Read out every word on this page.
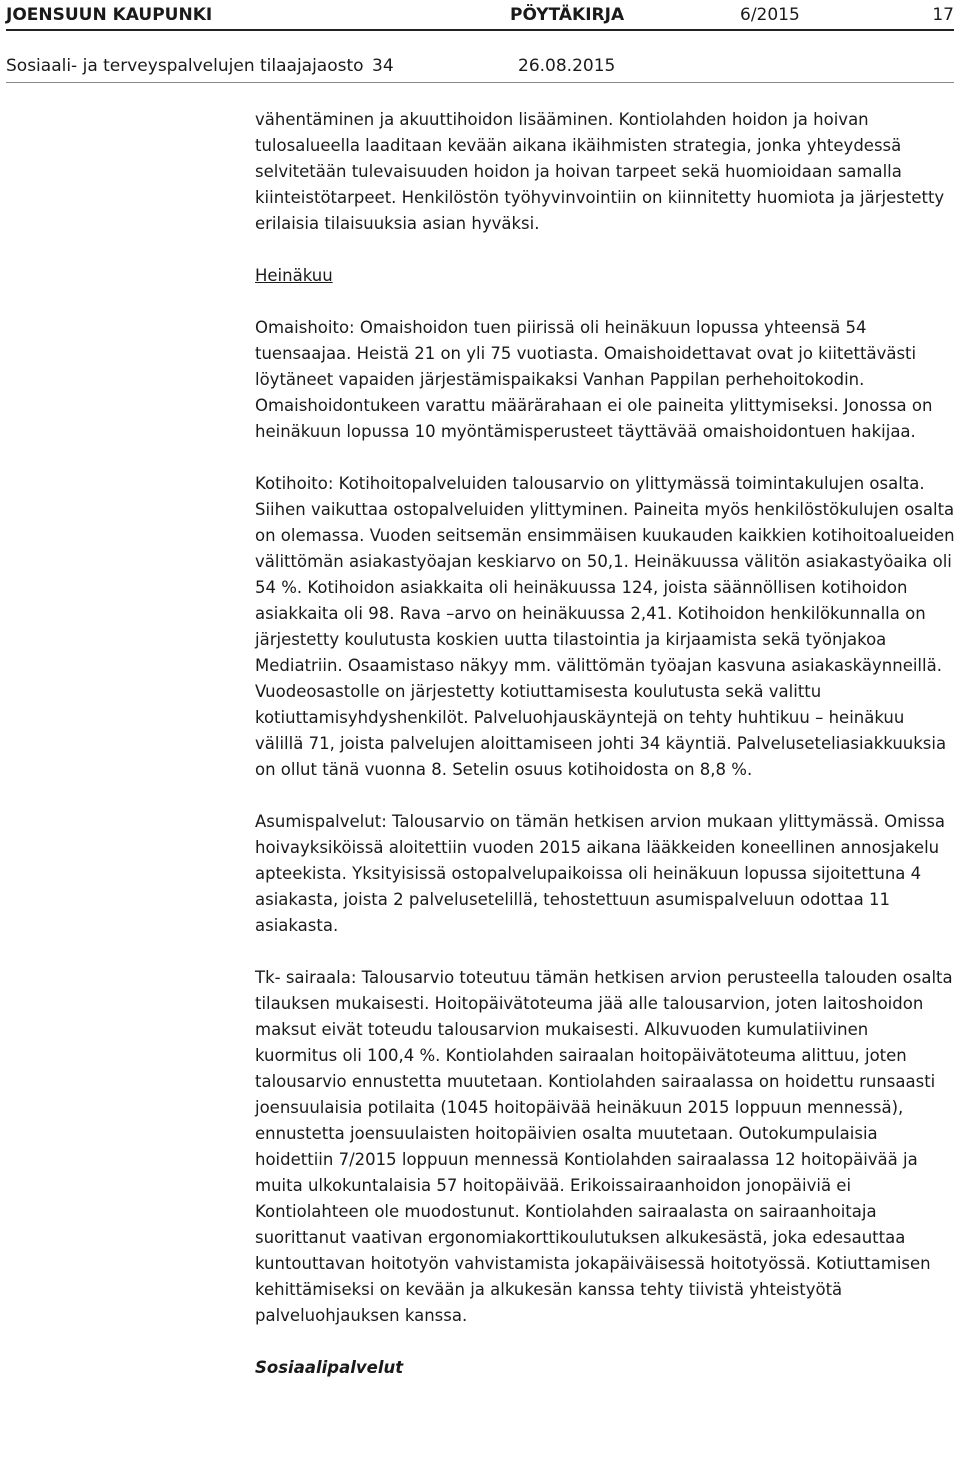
JOENSUUN KAUPUNKI	PÖYTÄKIRJA	6/2015	17
Sosiaali- ja terveyspalvelujen tilaajajaosto 34	26.08.2015

vähentäminen ja akuuttihoidon lisääminen. Kontiolahden hoidon ja hoivan tulosalueella laaditaan kevään aikana ikäihmisten strategia, jonka yhteydessä selvitetään tulevaisuuden hoidon ja hoivan tarpeet sekä huomioidaan samalla kiinteistötarpeet. Henkilöstön työhyvinvointiin on kiinnitetty huomiota ja järjestetty erilaisia tilaisuuksia asian hyväksi.

Heinäkuu

Omaishoito: Omaishoidon tuen piirissä oli heinäkuun lopussa yhteensä 54 tuensaajaa. Heistä 21 on yli 75 vuotiasta. Omaishoidettavat ovat jo kiitettävästi löytäneet vapaiden järjestämispaikaksi Vanhan Pappilan perhehoitokodin. Omaishoidontukeen varattu määrärahaan ei ole paineita ylittymiseksi. Jonossa on heinäkuun lopussa 10 myöntämisperusteet täyttävää omaishoidontuen hakijaa.

Kotihoito: Kotihoitopalveluiden talousarvio on ylittymässä toimintakulujen osalta. Siihen vaikuttaa ostopalveluiden ylittyminen. Paineita myös henkilöstökulujen osalta on olemassa. Vuoden seitsemän ensimmäisen kuukauden kaikkien kotihoitoalueiden välittömän asiakastyöajan keskiarvo on 50,1. Heinäkuussa välitön asiakastyöaika oli 54 %. Kotihoidon asiakkaita oli heinäkuussa 124, joista säännöllisen kotihoidon asiakkaita oli 98. Rava –arvo on heinäkuussa 2,41. Kotihoidon henkilökunnalla on järjestetty koulutusta koskien uutta tilastointia ja kirjaamista sekä työnjakoa Mediatriin. Osaamistaso näkyy mm. välittömän työajan kasvuna asiakaskäynneillä. Vuodeosastolle on järjestetty kotiuttamisesta koulutusta sekä valittu kotiuttamisyhdyshenkilöt. Palveluohjauskäyntejä on tehty huhtikuu – heinäkuu välillä 71, joista palvelujen aloittamiseen johti 34 käyntiä. Palveluseteliasiakkuuksia on ollut tänä vuonna 8. Setelin osuus kotihoidosta on 8,8 %.

Asumispalvelut: Talousarvio on tämän hetkisen arvion mukaan ylittymässä. Omissa hoivayksiköissä aloitettiin vuoden 2015 aikana lääkkeiden koneellinen annosjakelu apteekista. Yksityisissä ostopalvelupaikoissa oli heinäkuun lopussa sijoitettuna 4 asiakasta, joista 2 palvelusetelillä, tehostettuun asumispalveluun odottaa 11 asiakasta.

Tk- sairaala: Talousarvio toteutuu tämän hetkisen arvion perusteella talouden osalta tilauksen mukaisesti. Hoitopäivätoteuma jää alle talousarvion, joten laitoshoidon maksut eivät toteudu talousarvion mukaisesti. Alkuvuoden kumulatiivinen kuormitus oli 100,4 %. Kontiolahden sairaalan hoitopäivätoteuma alittuu, joten talousarvio ennustetta muutetaan. Kontiolahden sairaalassa on hoidettu runsaasti joensuulaisia potilaita (1045 hoitopäivää heinäkuun 2015 loppuun mennessä), ennustetta joensuulaisten hoitopäivien osalta muutetaan. Outokumpulaisia hoidettiin 7/2015 loppuun mennessä Kontiolahden sairaalassa 12 hoitopäivää ja muita ulkokuntalaisia 57 hoitopäivää. Erikoissairaanhoidon jonopäiviä ei Kontiolahteen ole muodostunut. Kontiolahden sairaalasta on sairaanhoitaja suorittanut vaativan ergonomiakorttikoulutuksen alkukesästä, joka edesauttaa kuntouttavan hoitotyön vahvistamista jokapäiväisessä hoitotyössä. Kotiuttamisen kehittämiseksi on kevään ja alkukesän kanssa tehty tiivistä yhteistyötä palveluohjauksen kanssa.

Sosiaalipalvelut
